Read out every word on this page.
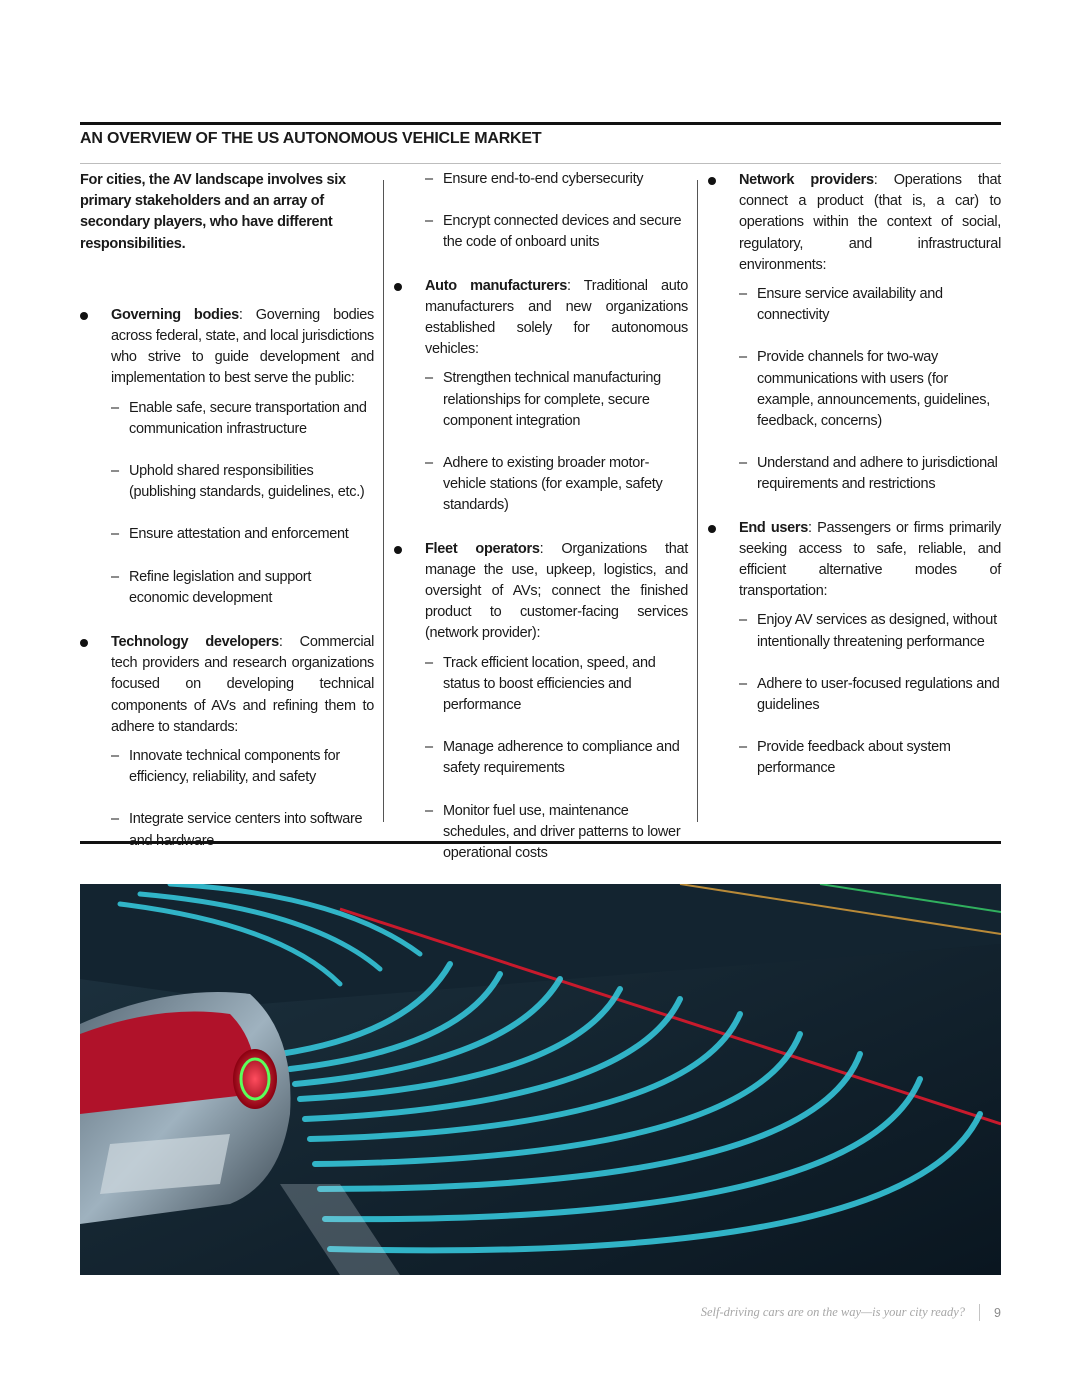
AN OVERVIEW OF THE US AUTONOMOUS VEHICLE MARKET
For cities, the AV landscape involves six primary stakeholders and an array of secondary players, who have different responsibilities.
Governing bodies: Governing bodies across federal, state, and local jurisdictions who strive to guide development and implementation to best serve the public:
– Enable safe, secure transportation and communication infrastructure
– Uphold shared responsibilities (publishing standards, guidelines, etc.)
– Ensure attestation and enforcement
– Refine legislation and support economic development
Technology developers: Commercial tech providers and research organizations focused on developing technical components of AVs and refining them to adhere to standards:
– Innovate technical components for efficiency, reliability, and safety
– Integrate service centers into software
– Ensure end-to-end cybersecurity
– Encrypt connected devices and secure the code of onboard units
Auto manufacturers: Traditional auto manufacturers and new organizations established solely for autonomous vehicles:
– Strengthen technical manufacturing relationships for complete, secure component integration
– Adhere to existing broader motor-vehicle stations (for example, safety standards)
Fleet operators: Organizations that manage the use, upkeep, logistics, and oversight of AVs; connect the finished product to customer-facing services (network provider):
– Track efficient location, speed, and status to boost efficiencies and performance
– Manage adherence to compliance and safety requirements
– Monitor fuel use, maintenance schedules, and driver patterns to lower operational costs
Network providers: Operations that connect a product (that is, a car) to operations within the context of social, regulatory, and infrastructural environments:
– Ensure service availability and connectivity
– Provide channels for two-way communications with users (for example, announcements, guidelines, feedback, concerns)
– Understand and adhere to jurisdictional requirements and restrictions
End users: Passengers or firms primarily seeking access to safe, reliable, and efficient alternative modes of transportation:
– Enjoy AV services as designed, without intentionally threatening performance
– Adhere to user-focused regulations and guidelines
– Provide feedback about system performance
Self-driving cars are on the way—is your city ready? 9
